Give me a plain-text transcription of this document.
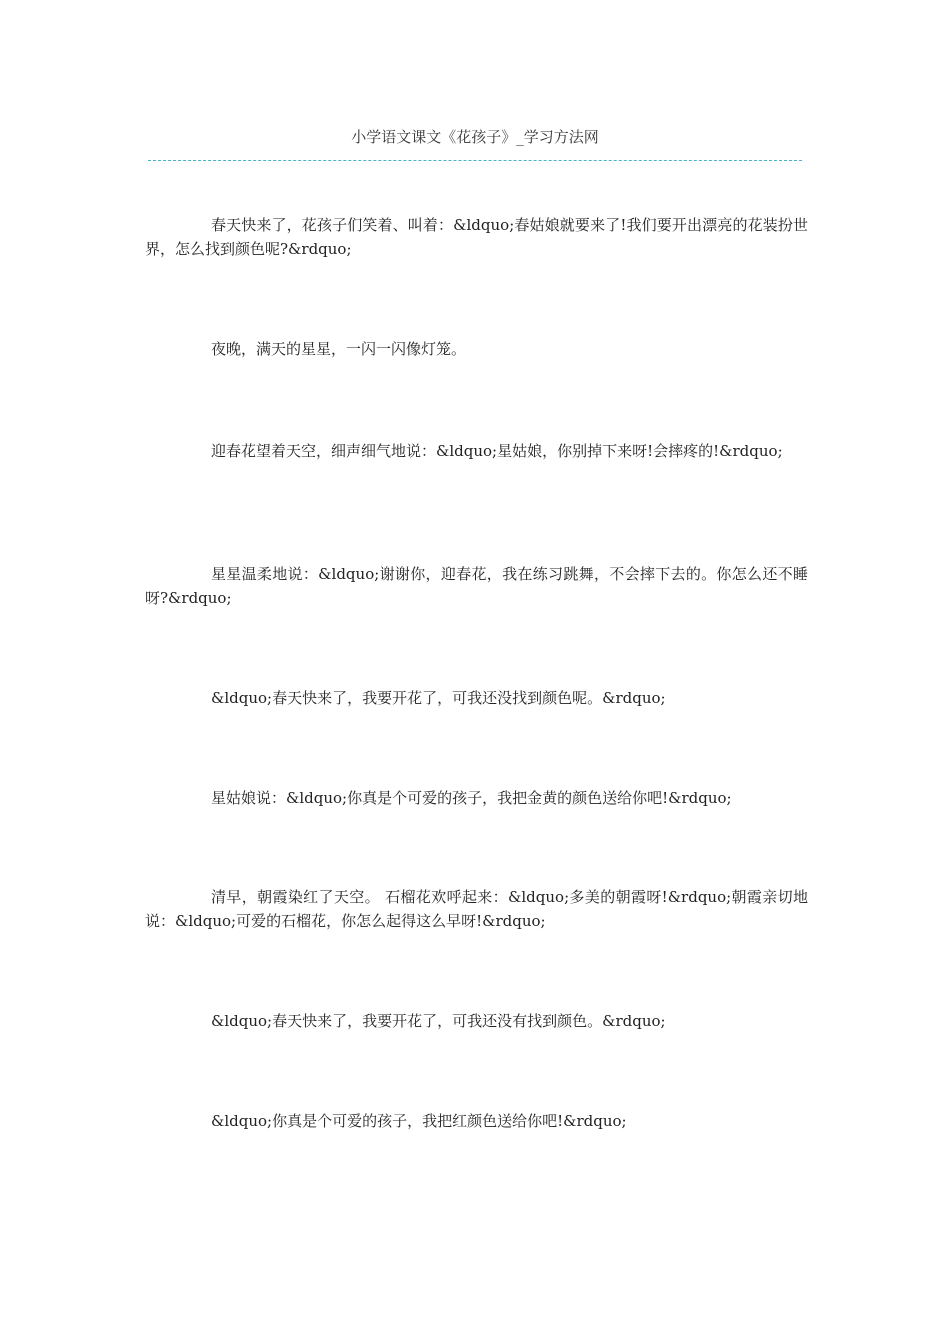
小学语文课文《花孩子》_学习方法网

春天快来了，花孩子们笑着、叫着：&ldquo;春姑娘就要来了!我们要开出漂亮的花装扮世界，怎么找到颜色呢?&rdquo;

夜晚，满天的星星，一闪一闪像灯笼。

迎春花望着天空，细声细气地说：&ldquo;星姑娘，你别掉下来呀!会摔疼的!&rdquo;

星星温柔地说：&ldquo;谢谢你，迎春花，我在练习跳舞，不会摔下去的。你怎么还不睡呀?&rdquo;

&ldquo;春天快来了，我要开花了，可我还没找到颜色呢。&rdquo;

星姑娘说：&ldquo;你真是个可爱的孩子，我把金黄的颜色送给你吧!&rdquo;

清早，朝霞染红了天空。 石榴花欢呼起来：&ldquo;多美的朝霞呀!&rdquo;朝霞亲切地说：&ldquo;可爱的石榴花，你怎么起得这么早呀!&rdquo;

&ldquo;春天快来了，我要开花了，可我还没有找到颜色。&rdquo;

&ldquo;你真是个可爱的孩子，我把红颜色送给你吧!&rdquo;
